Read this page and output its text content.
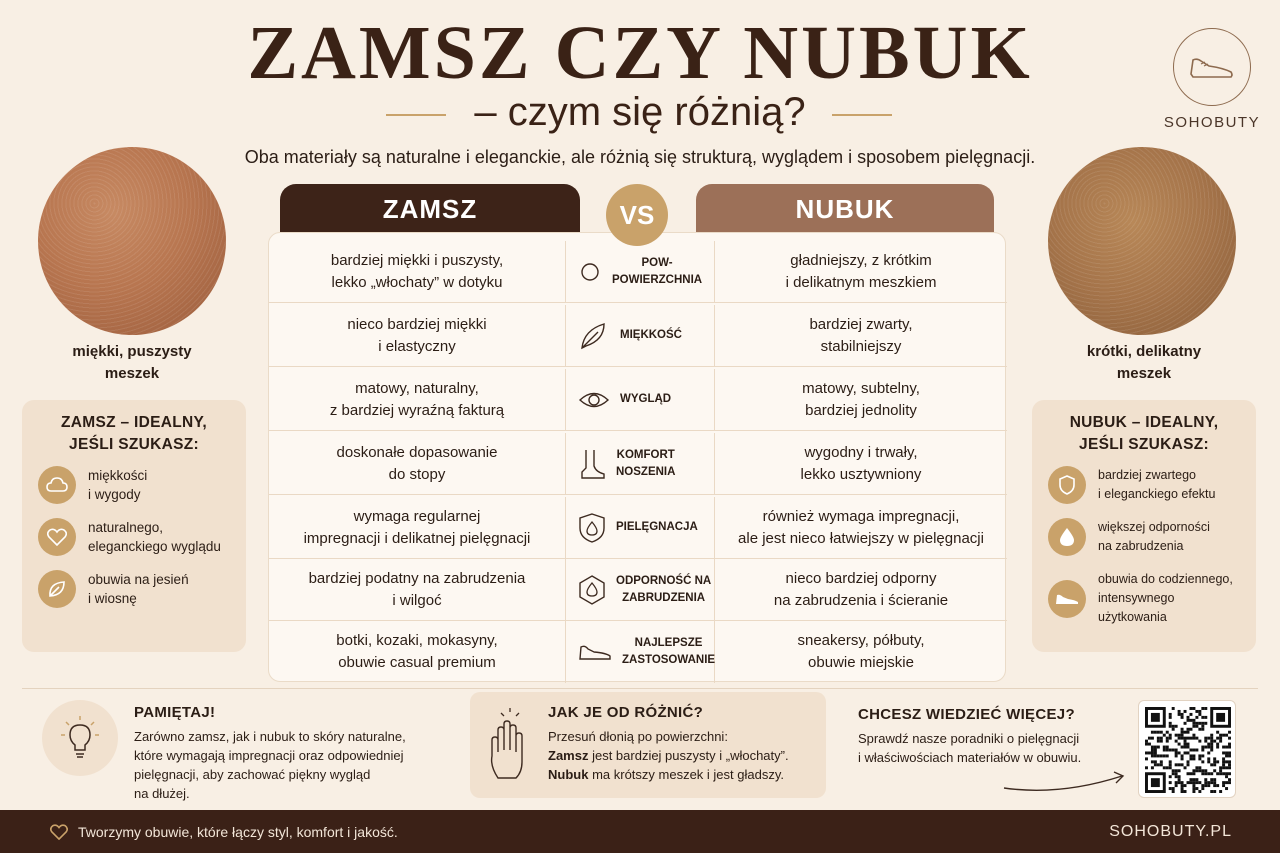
ZAMSZ CZY NUBUK
– czym się różnią?
Oba materiały są naturalne i eleganckie, ale różnią się strukturą, wyglądem i sposobem pielęgnacji.
SOHOBUTY
miękki, puszysty
meszek
krótki, delikatny
meszek
ZAMSZ – IDEALNY,
JEŚLI SZUKASZ:
miękkości
i wygody
naturalnego,
eleganckiego wyglądu
obuwia na jesień
i wiosnę
NUBUK – IDEALNY,
JEŚLI SZUKASZ:
bardziej zwartego
i eleganckiego efektu
większej odporności
na zabrudzenia
obuwia do codziennego,
intensywnego użytkowania
ZAMSZ	NUBUK
bardziej miękki i puszysty,
lekko „włochaty” w dotyku
POW-
POWIERZCHNIA
gładniejszy, z krótkim
i delikatnym meszkiem
nieco bardziej miękki
i elastyczny
MIĘKKOŚĆ
bardziej zwarty,
stabilniejszy
matowy, naturalny,
z bardziej wyraźną fakturą
WYGLĄD
matowy, subtelny,
bardziej jednolity
doskonałe dopasowanie
do stopy
KOMFORT
NOSZENIA
wygodny i trwały,
lekko usztywniony
wymaga regularnej
impregnacji i delikatnej pielęgnacji
PIELĘGNACJA
również wymaga impregnacji,
ale jest nieco łatwiejszy w pielęgnacji
bardziej podatny na zabrudzenia
i wilgoć
ODPORNOŚĆ NA
ZABRUDZENIA
nieco bardziej odporny
na zabrudzenia i ścieranie
botki, kozaki, mokasyny,
obuwie casual premium
NAJLEPSZE
ZASTOSOWANIE
sneakersy, półbuty,
obuwie miejskie
VS
PAMIĘTAJ!
Zarówno zamsz, jak i nubuk to skóry naturalne,
które wymagają impregnacji oraz odpowiedniej
pielęgnacji, aby zachować piękny wygląd
na dłużej.
JAK JE OD RÓŻNIĆ?
Przesuń dłonią po powierzchni:
Zamsz jest bardziej puszysty i „włochaty”.
Nubuk ma krótszy meszek i jest gładszy.
CHCESZ WIEDZIEĆ WIĘCEJ?
Sprawdź nasze poradniki o pielęgnacji
i właściwościach materiałów w obuwiu.
Tworzymy obuwie, które łączy styl, komfort i jakość.	SOHOBUTY.PL
